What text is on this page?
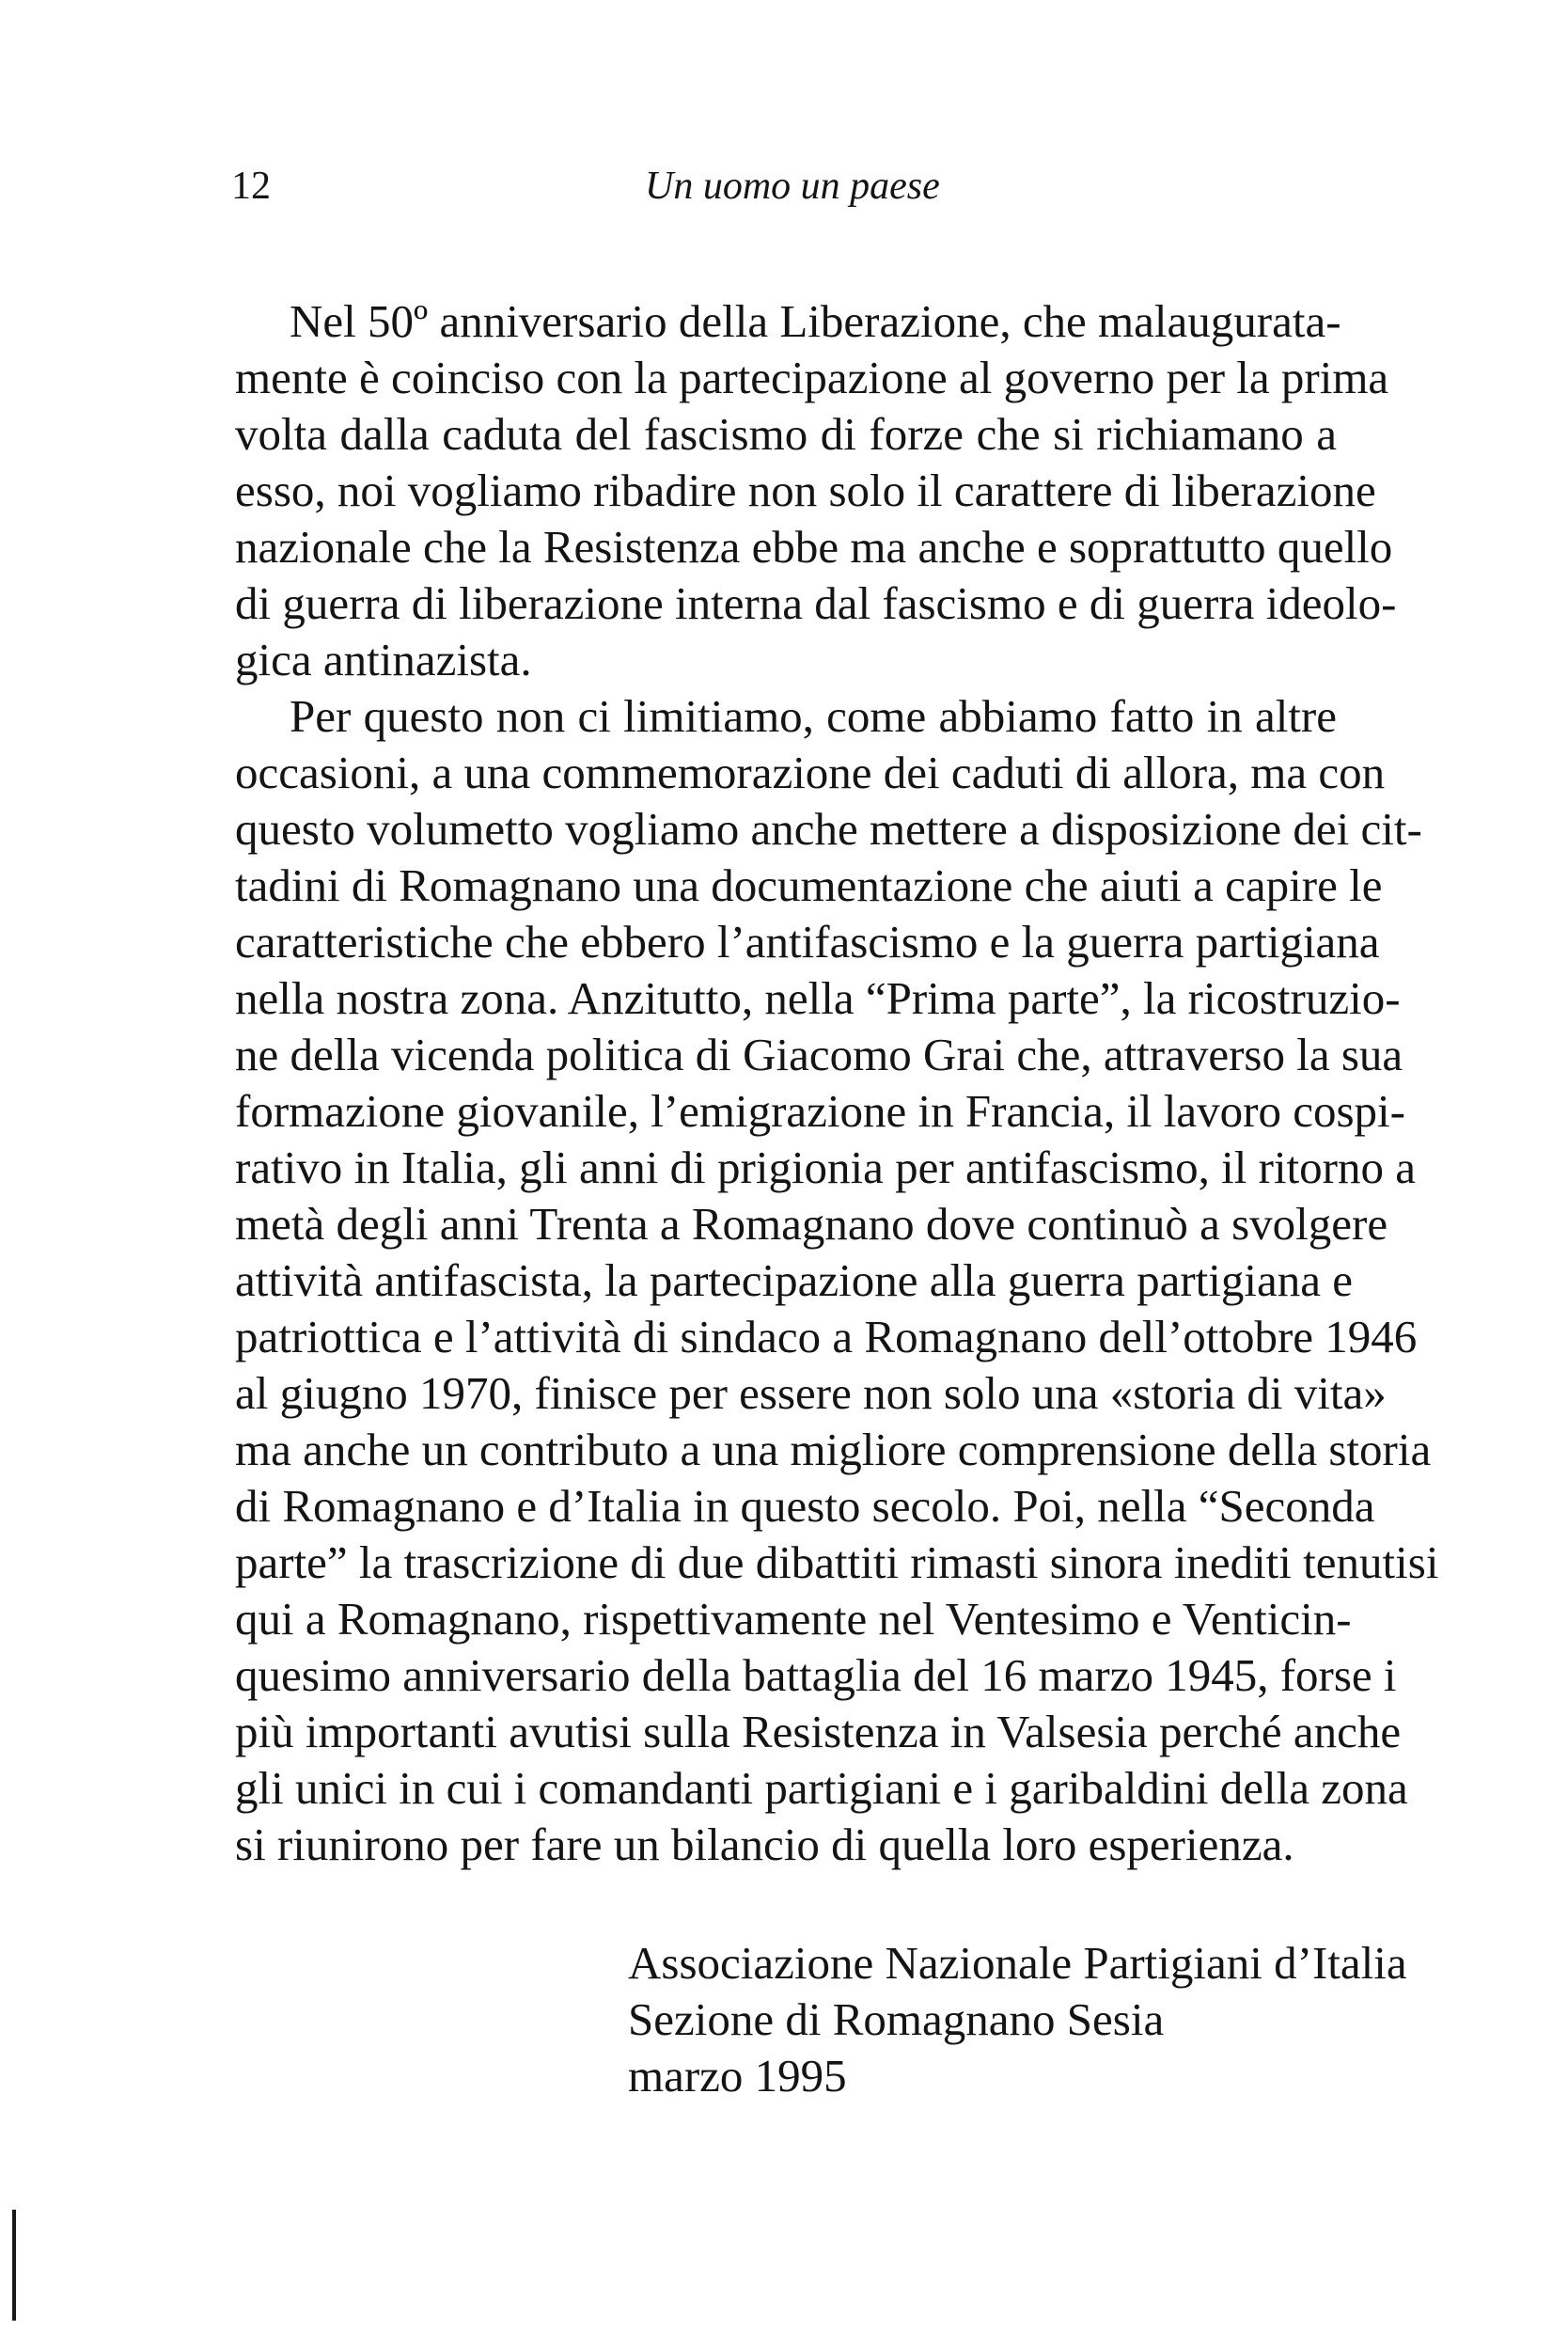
12	Un uomo un paese
Nel 50º anniversario della Liberazione, che malaugurata-
mente è coinciso con la partecipazione al governo per la prima
volta dalla caduta del fascismo di forze che si richiamano a
esso, noi vogliamo ribadire non solo il carattere di liberazione
nazionale che la Resistenza ebbe ma anche e soprattutto quello
di guerra di liberazione interna dal fascismo e di guerra ideolo-
gica antinazista.
Per questo non ci limitiamo, come abbiamo fatto in altre
occasioni, a una commemorazione dei caduti di allora, ma con
questo volumetto vogliamo anche mettere a disposizione dei cit-
tadini di Romagnano una documentazione che aiuti a capire le
caratteristiche che ebbero l’antifascismo e la guerra partigiana
nella nostra zona. Anzitutto, nella “Prima parte”, la ricostruzio-
ne della vicenda politica di Giacomo Grai che, attraverso la sua
formazione giovanile, l’emigrazione in Francia, il lavoro cospi-
rativo in Italia, gli anni di prigionia per antifascismo, il ritorno a
metà degli anni Trenta a Romagnano dove continuò a svolgere
attività antifascista, la partecipazione alla guerra partigiana e
patriottica e l’attività di sindaco a Romagnano dell’ottobre 1946
al giugno 1970, finisce per essere non solo una «storia di vita»
ma anche un contributo a una migliore comprensione della storia
di Romagnano e d’Italia in questo secolo. Poi, nella “Seconda
parte” la trascrizione di due dibattiti rimasti sinora inediti tenutisi
qui a Romagnano, rispettivamente nel Ventesimo e Venticin-
quesimo anniversario della battaglia del 16 marzo 1945, forse i
più importanti avutisi sulla Resistenza in Valsesia perché anche
gli unici in cui i comandanti partigiani e i garibaldini della zona
si riunirono per fare un bilancio di quella loro esperienza.
Associazione Nazionale Partigiani d’Italia
Sezione di Romagnano Sesia
marzo 1995
